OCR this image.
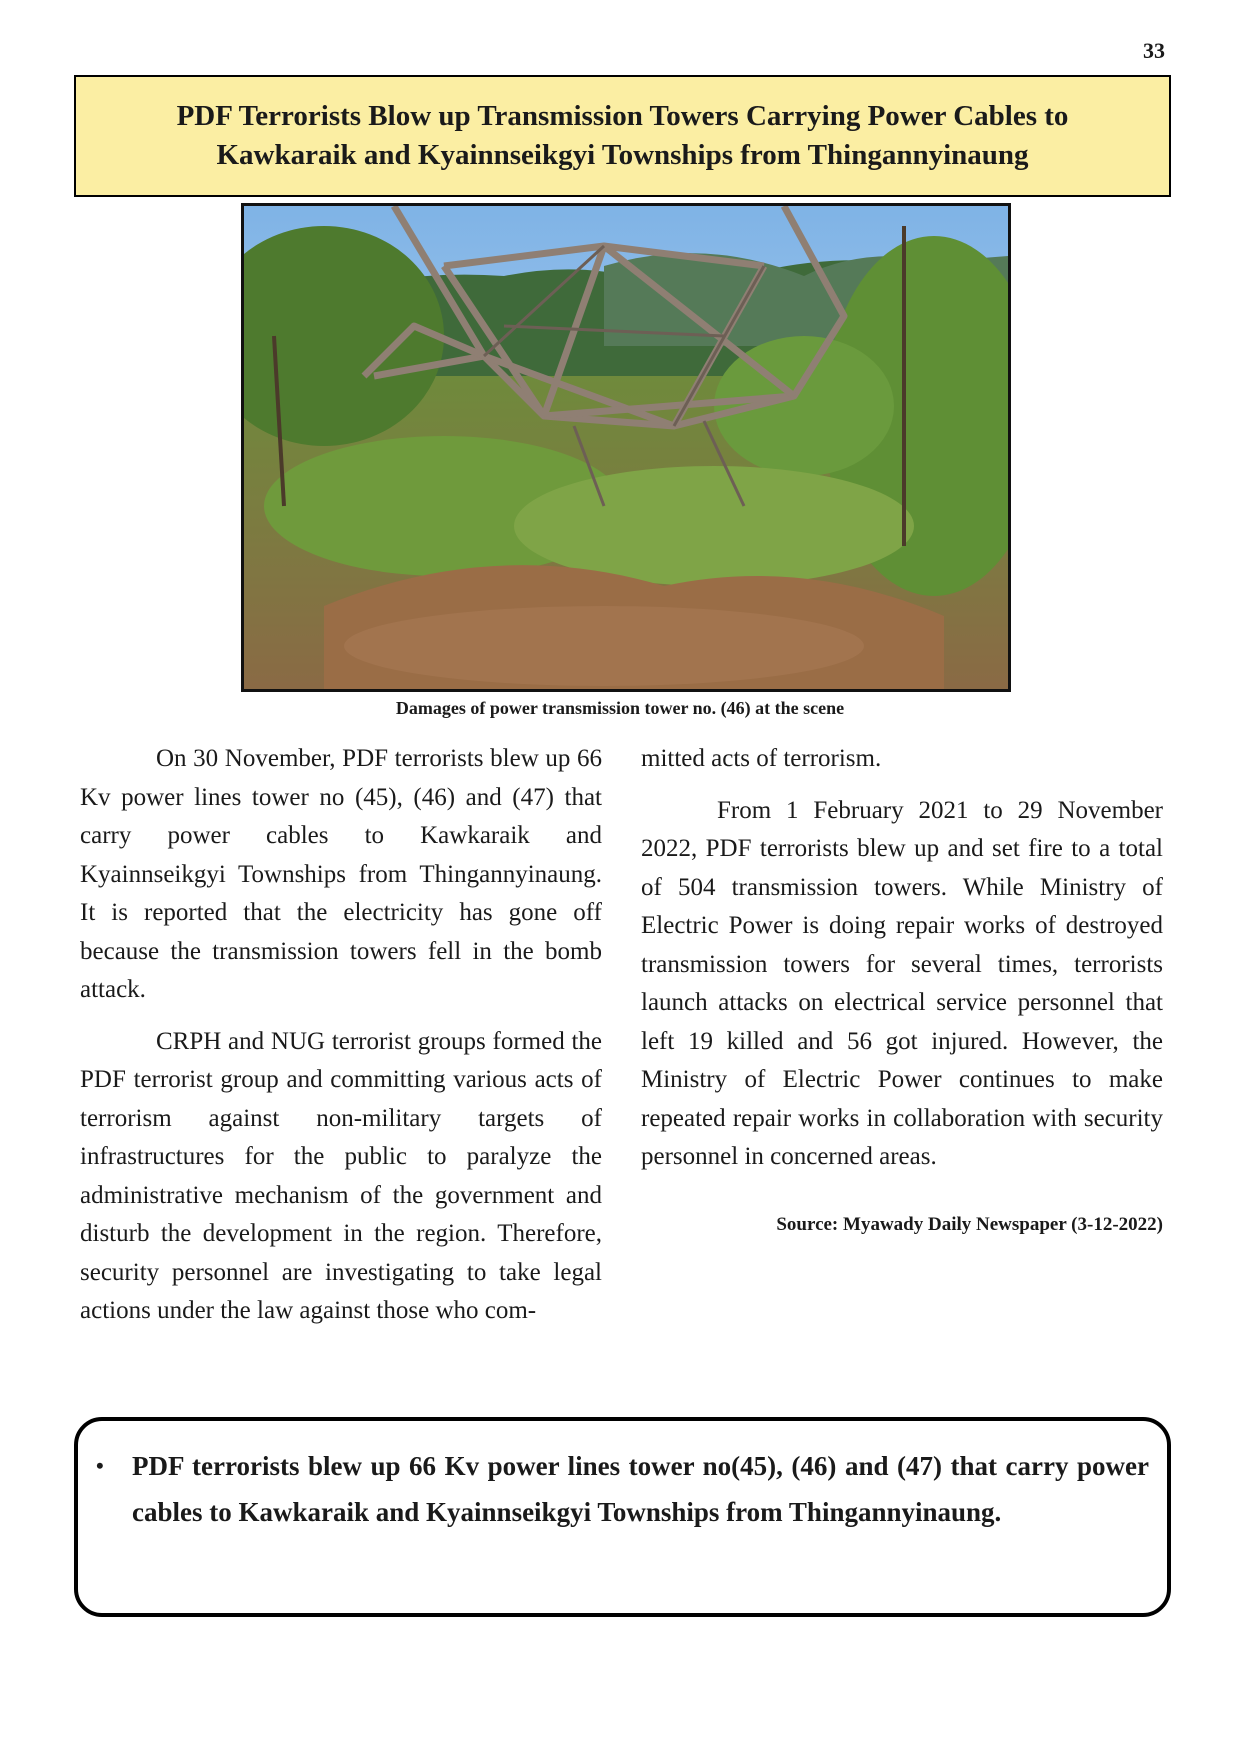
33
PDF Terrorists Blow up Transmission Towers Carrying Power Cables to
Kawkaraik and Kyainnseikgyi Townships from Thingannyinaung
Damages of power transmission tower no. (46) at the scene

On 30 November, PDF terrorists blew up 66 Kv power lines tower no (45), (46) and (47) that carry power cables to Kawkaraik and Kyainnseikgyi Townships from Thingannyinaung. It is reported that the electricity has gone off because the transmission towers fell in the bomb attack.

CRPH and NUG terrorist groups formed the PDF terrorist group and committing various acts of terrorism against non-military targets of infrastructures for the public to paralyze the administrative mechanism of the government and disturb the development in the region. Therefore, security personnel are investigating to take legal actions under the law against those who com-

mitted acts of terrorism.

From 1 February 2021 to 29 November 2022, PDF terrorists blew up and set fire to a total of 504 transmission towers. While Ministry of Electric Power is doing repair works of destroyed transmission towers for several times, terrorists launch attacks on electrical service personnel that left 19 killed and 56 got injured. However, the Ministry of Electric Power continues to make repeated repair works in collaboration with security personnel in concerned areas.

Source: Myawady Daily Newspaper (3-12-2022)

• PDF terrorists blew up 66 Kv power lines tower no(45), (46) and (47) that carry power cables to Kawkaraik and Kyainnseikgyi Townships from Thingannyinaung.
